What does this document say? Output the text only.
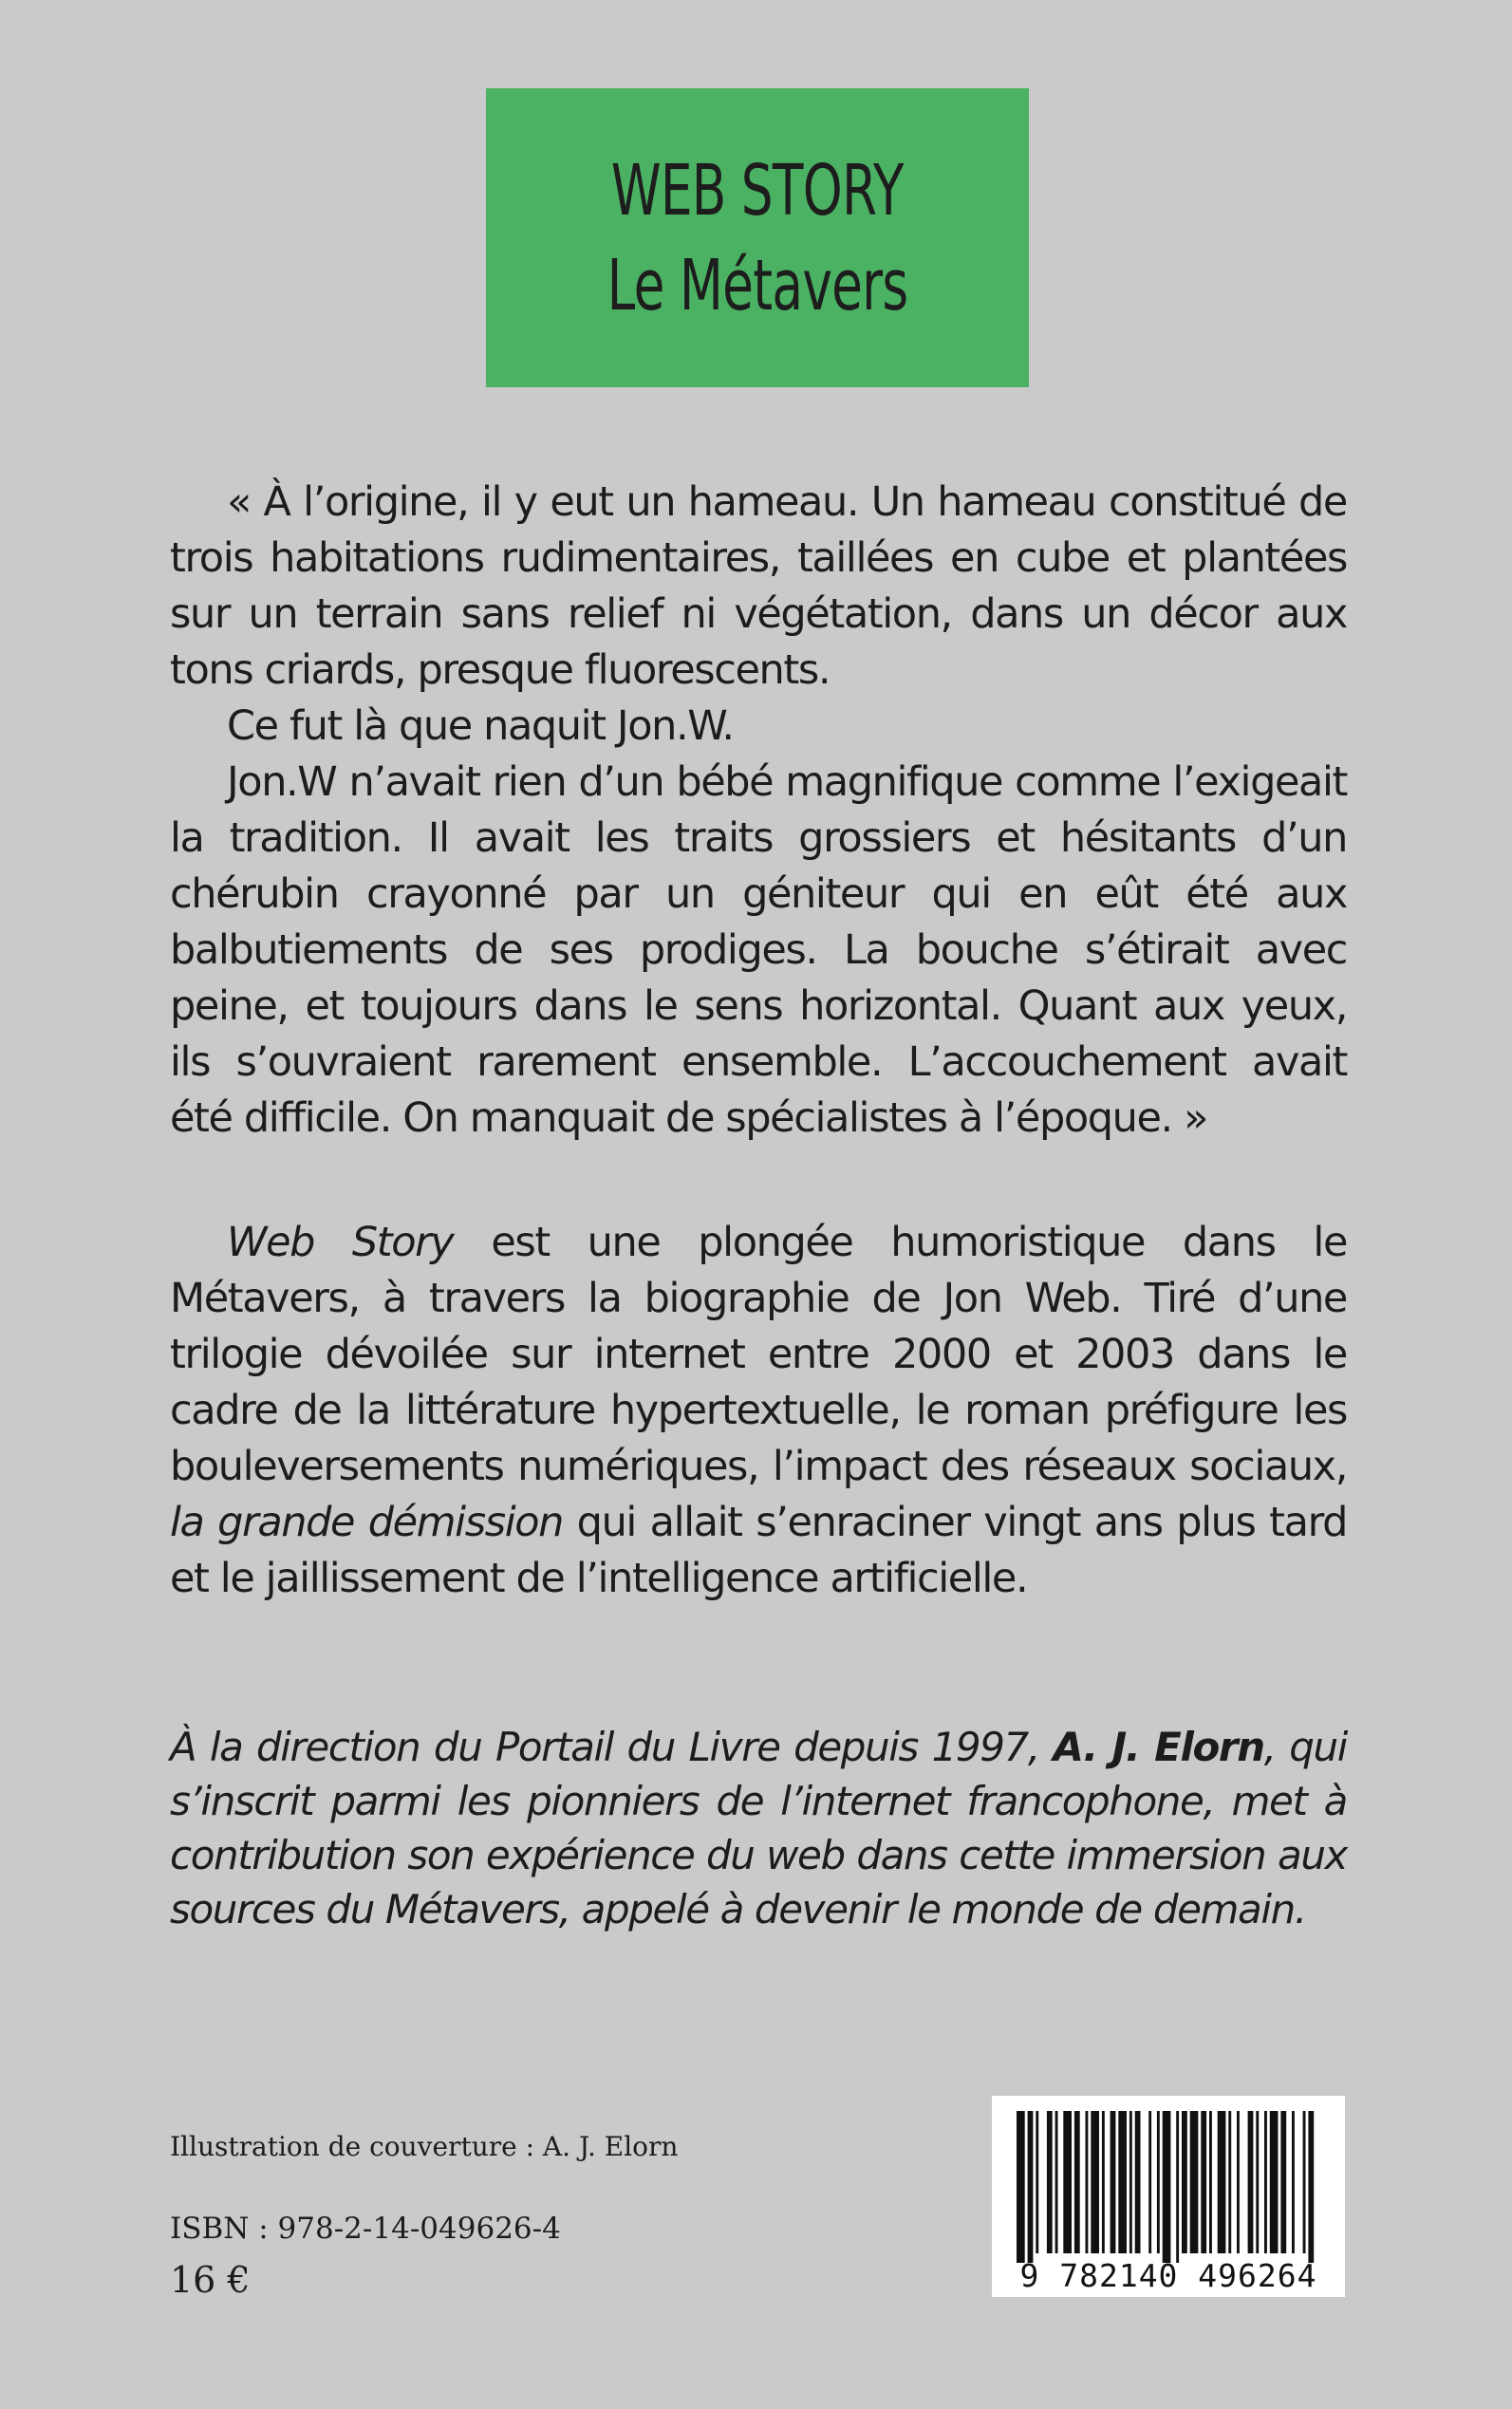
WEB STORY
Le Métavers

« À l’origine, il y eut un hameau. Un hameau constitué de trois habitations rudimentaires, taillées en cube et plantées sur un terrain sans relief ni végétation, dans un décor aux tons criards, presque fluorescents.

Ce fut là que naquit Jon.W.

Jon.W n’avait rien d’un bébé magnifique comme l’exigeait la tradition. Il avait les traits grossiers et hésitants d’un chérubin crayonné par un géniteur qui en eût été aux balbutiements de ses prodiges. La bouche s’étirait avec peine, et toujours dans le sens horizontal. Quant aux yeux, ils s’ouvraient rarement ensemble. L’accouchement avait été difficile. On manquait de spécialistes à l’époque. »

Web Story est une plongée humoristique dans le Métavers, à travers la biographie de Jon Web. Tiré d’une trilogie dévoilée sur internet entre 2000 et 2003 dans le cadre de la littérature hypertextuelle, le roman préfigure les bouleversements numériques, l’impact des réseaux sociaux, la grande démission qui allait s’enraciner vingt ans plus tard et le jaillissement de l’intelligence artificielle.

À la direction du Portail du Livre depuis 1997, A. J. Elorn, qui s’inscrit parmi les pionniers de l’internet francophone, met à contribution son expérience du web dans cette immersion aux sources du Métavers, appelé à devenir le monde de demain.
Illustration de couverture : A. J. Elorn
ISBN : 978-2-14-049626-4
16 €	9 782140 496264
